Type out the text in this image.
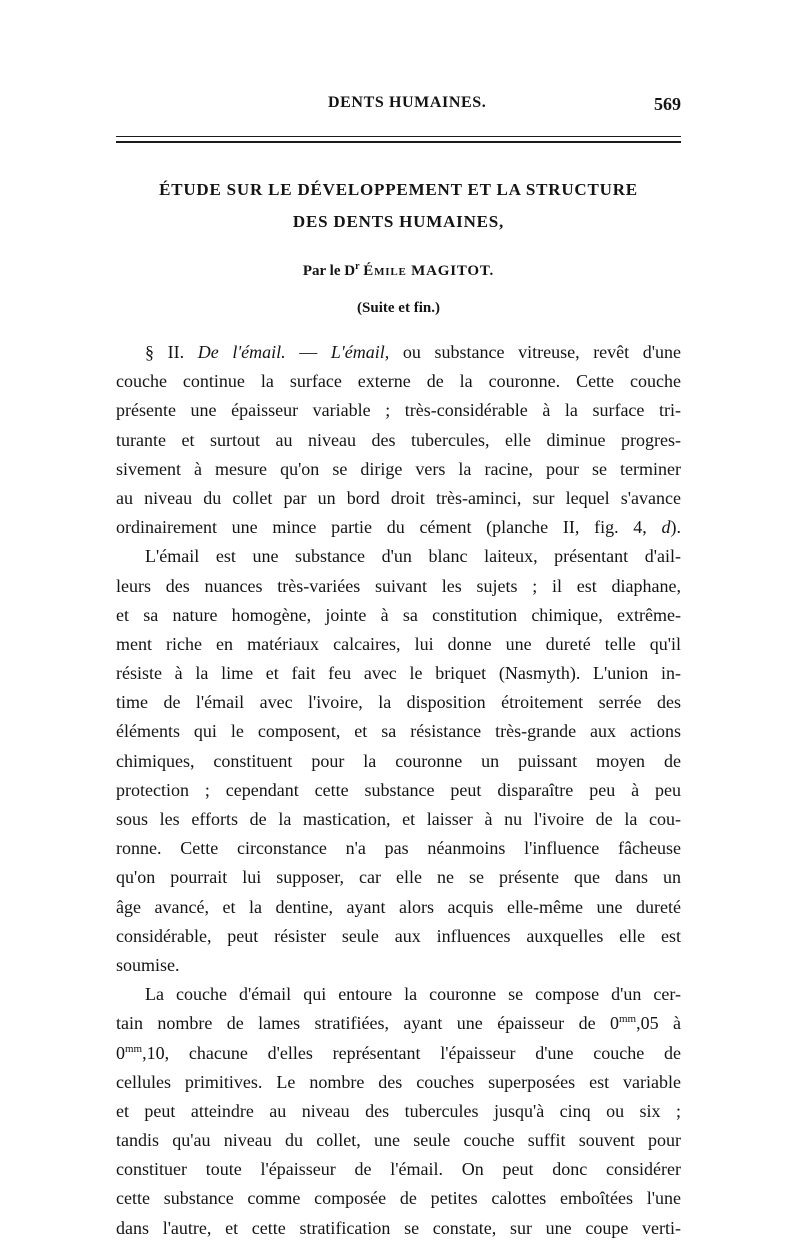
DENTS HUMAINES.	569
ÉTUDE SUR LE DÉVELOPPEMENT ET LA STRUCTURE
DES DENTS HUMAINES,
Par le $D^r$ Émile MAGITOT.
(Suite et fin.)
§ II. De l'émail. — L'émail, ou substance vitreuse, revêt d'une
couche continue la surface externe de la couronne. Cette couche
présente une épaisseur variable ; très-considérable à la surface tri-
turante et surtout au niveau des tubercules, elle diminue progres-
sivement à mesure qu'on se dirige vers la racine, pour se terminer
au niveau du collet par un bord droit très-aminci, sur lequel s'avance
ordinairement une mince partie du cément (planche II, fig. 4, d).
L'émail est une substance d'un blanc laiteux, présentant d'ail-
leurs des nuances très-variées suivant les sujets ; il est diaphane,
et sa nature homogène, jointe à sa constitution chimique, extrême-
ment riche en matériaux calcaires, lui donne une dureté telle qu'il
résiste à la lime et fait feu avec le briquet (Nasmyth). L'union in-
time de l'émail avec l'ivoire, la disposition étroitement serrée des
éléments qui le composent, et sa résistance très-grande aux actions
chimiques, constituent pour la couronne un puissant moyen de
protection ; cependant cette substance peut disparaître peu à peu
sous les efforts de la mastication, et laisser à nu l'ivoire de la cou-
ronne. Cette circonstance n'a pas néanmoins l'influence fâcheuse
qu'on pourrait lui supposer, car elle ne se présente que dans un
âge avancé, et la dentine, ayant alors acquis elle-même une dureté
considérable, peut résister seule aux influences auxquelles elle est
soumise.
La couche d'émail qui entoure la couronne se compose d'un cer-
tain nombre de lames stratifiées, ayant une épaisseur de $0^{mm},05$ à
$0^{mm},10$, chacune d'elles représentant l'épaisseur d'une couche de
cellules primitives. Le nombre des couches superposées est variable
et peut atteindre au niveau des tubercules jusqu'à cinq ou six ;
tandis qu'au niveau du collet, une seule couche suffit souvent pour
constituer toute l'épaisseur de l'émail. On peut donc considérer
cette substance comme composée de petites calottes emboîtées l'une
dans l'autre, et cette stratification se constate, sur une coupe verti-
